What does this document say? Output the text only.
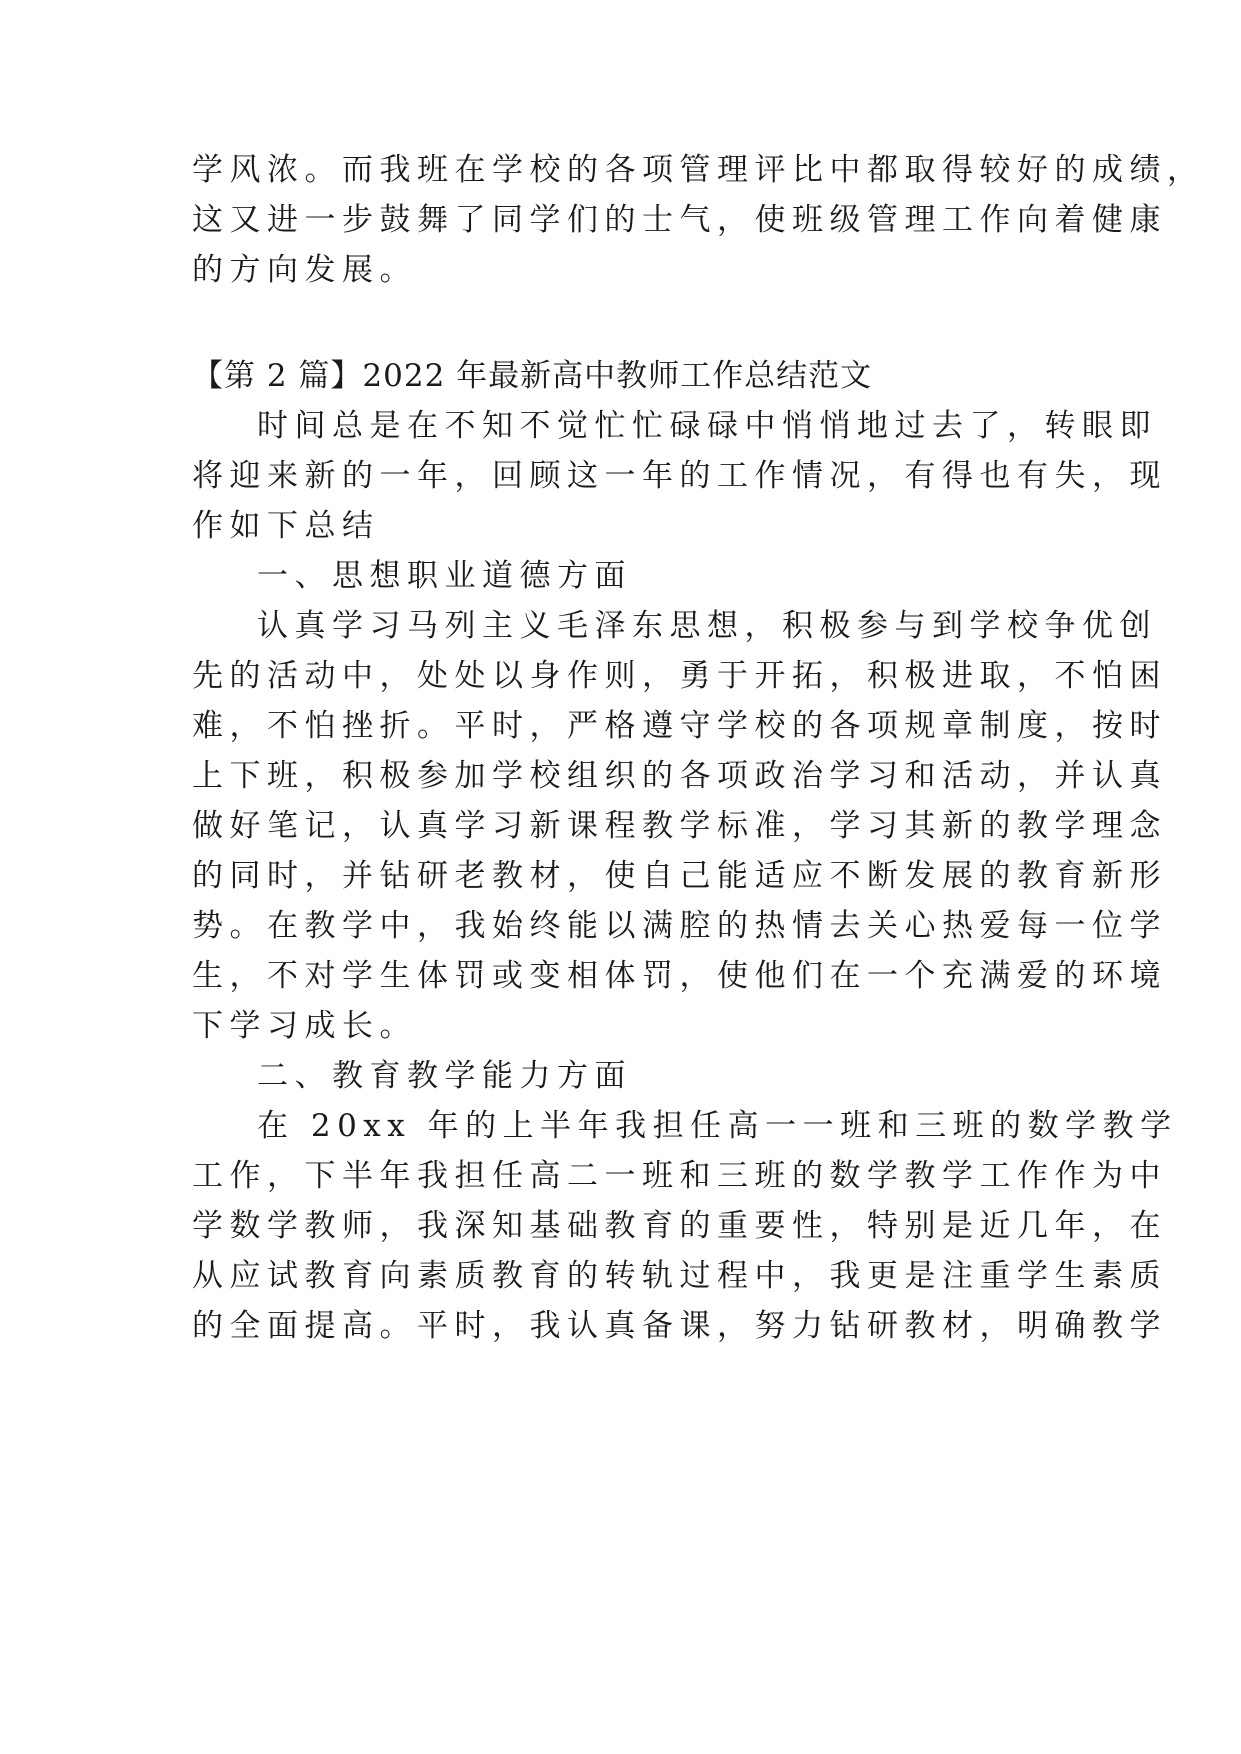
学风浓。而我班在学校的各项管理评比中都取得较好的成绩，
这又进一步鼓舞了同学们的士气，使班级管理工作向着健康
的方向发展。
【第 2 篇】2022 年最新高中教师工作总结范文
时间总是在不知不觉忙忙碌碌中悄悄地过去了，转眼即
将迎来新的一年，回顾这一年的工作情况，有得也有失，现
作如下总结
一、思想职业道德方面
认真学习马列主义毛泽东思想，积极参与到学校争优创
先的活动中，处处以身作则，勇于开拓，积极进取，不怕困
难，不怕挫折。平时，严格遵守学校的各项规章制度，按时
上下班，积极参加学校组织的各项政治学习和活动，并认真
做好笔记，认真学习新课程教学标准，学习其新的教学理念
的同时，并钻研老教材，使自己能适应不断发展的教育新形
势。在教学中，我始终能以满腔的热情去关心热爱每一位学
生，不对学生体罚或变相体罚，使他们在一个充满爱的环境
下学习成长。
二、教育教学能力方面
在 20xx 年的上半年我担任高一一班和三班的数学教学
工作，下半年我担任高二一班和三班的数学教学工作作为中
学数学教师，我深知基础教育的重要性，特别是近几年，在
从应试教育向素质教育的转轨过程中，我更是注重学生素质
的全面提高。平时，我认真备课，努力钻研教材，明确教学
